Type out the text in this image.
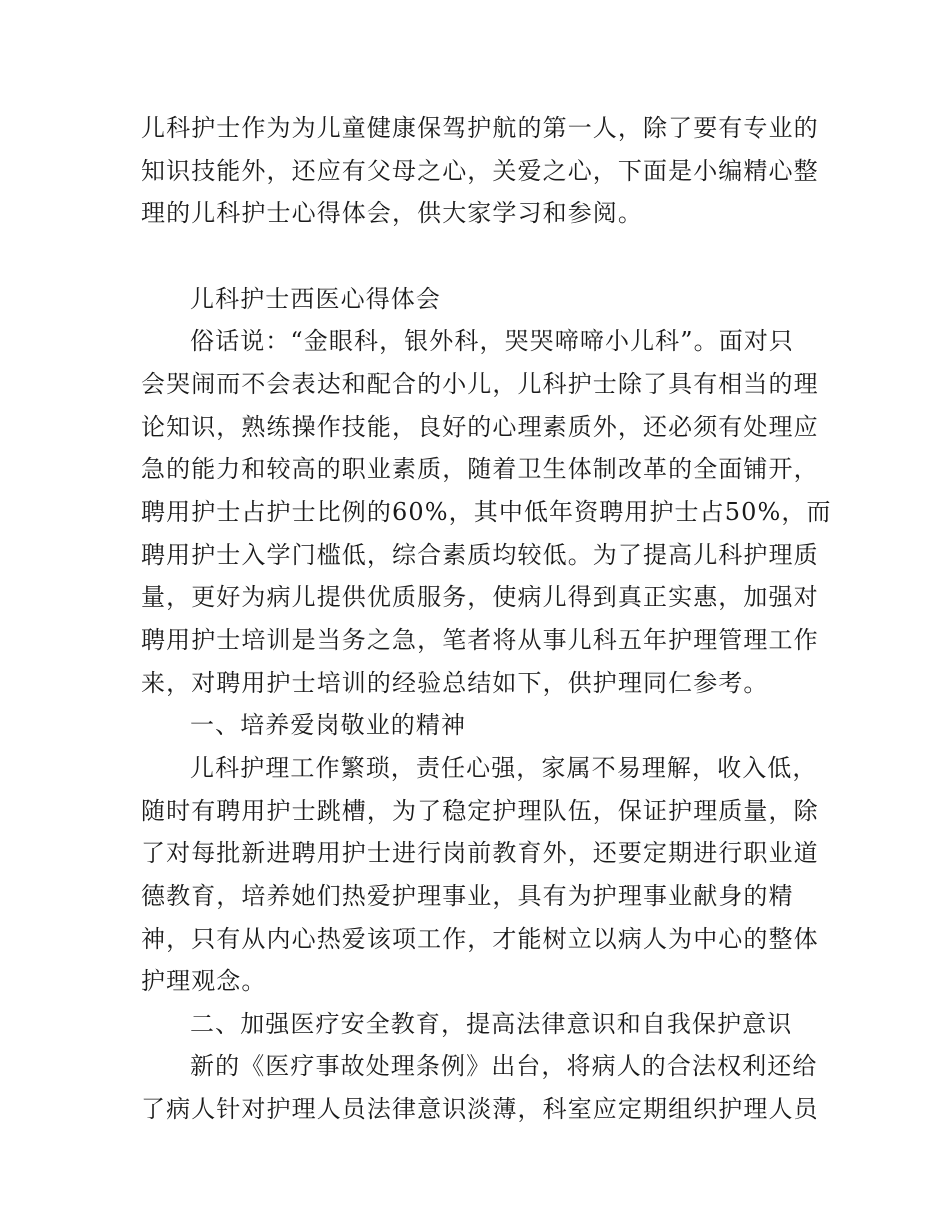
儿科护士作为为儿童健康保驾护航的第一人，除了要有专业的
知识技能外，还应有父母之心，关爱之心，下面是小编精心整
理的儿科护士心得体会，供大家学习和参阅。
儿科护士西医心得体会
俗话说：“金眼科，银外科，哭哭啼啼小儿科”。面对只
会哭闹而不会表达和配合的小儿，儿科护士除了具有相当的理
论知识，熟练操作技能，良好的心理素质外，还必须有处理应
急的能力和较高的职业素质，随着卫生体制改革的全面铺开，
聘用护士占护士比例的60%，其中低年资聘用护士占50%，而
聘用护士入学门槛低，综合素质均较低。为了提高儿科护理质
量，更好为病儿提供优质服务，使病儿得到真正实惠，加强对
聘用护士培训是当务之急，笔者将从事儿科五年护理管理工作
来，对聘用护士培训的经验总结如下，供护理同仁参考。
一、培养爱岗敬业的精神
儿科护理工作繁琐，责任心强，家属不易理解，收入低，
随时有聘用护士跳槽，为了稳定护理队伍，保证护理质量，除
了对每批新进聘用护士进行岗前教育外，还要定期进行职业道
德教育，培养她们热爱护理事业，具有为护理事业献身的精
神，只有从内心热爱该项工作，才能树立以病人为中心的整体
护理观念。
二、加强医疗安全教育，提高法律意识和自我保护意识
新的《医疗事故处理条例》出台，将病人的合法权利还给
了病人针对护理人员法律意识淡薄，科室应定期组织护理人员
